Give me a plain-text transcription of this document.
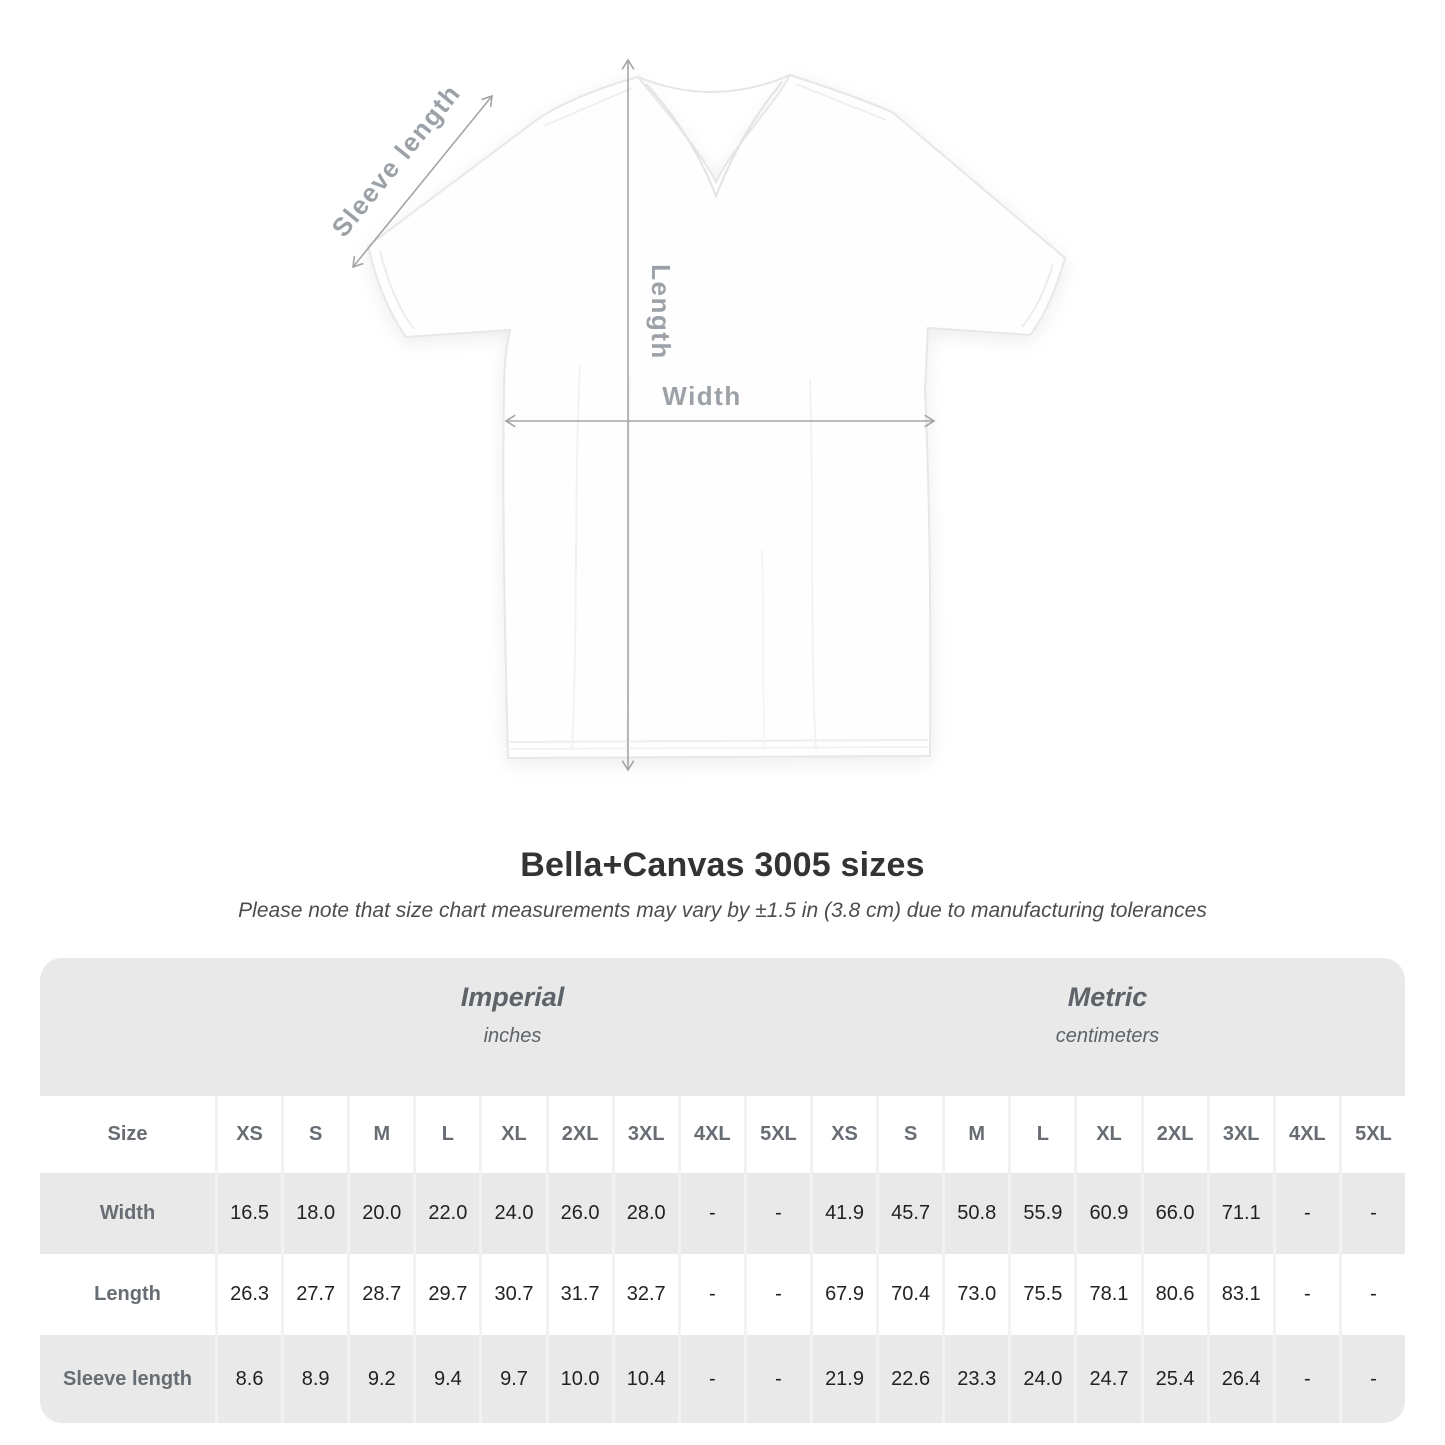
Width
Length
Sleeve length
Bella+Canvas 3005 sizes

Please note that size chart measurements may vary by ±1.5 in (3.8 cm) due to manufacturing tolerances

Imperial
inches

Metric
centimeters

Size	XS	S	M	L	XL	2XL	3XL	4XL	5XL	XS	S	M	L	XL	2XL	3XL	4XL	5XL
Width	16.5	18.0	20.0	22.0	24.0	26.0	28.0	-	-	41.9	45.7	50.8	55.9	60.9	66.0	71.1	-	-
Length	26.3	27.7	28.7	29.7	30.7	31.7	32.7	-	-	67.9	70.4	73.0	75.5	78.1	80.6	83.1	-	-
Sleeve length	8.6	8.9	9.2	9.4	9.7	10.0	10.4	-	-	21.9	22.6	23.3	24.0	24.7	25.4	26.4	-	-
